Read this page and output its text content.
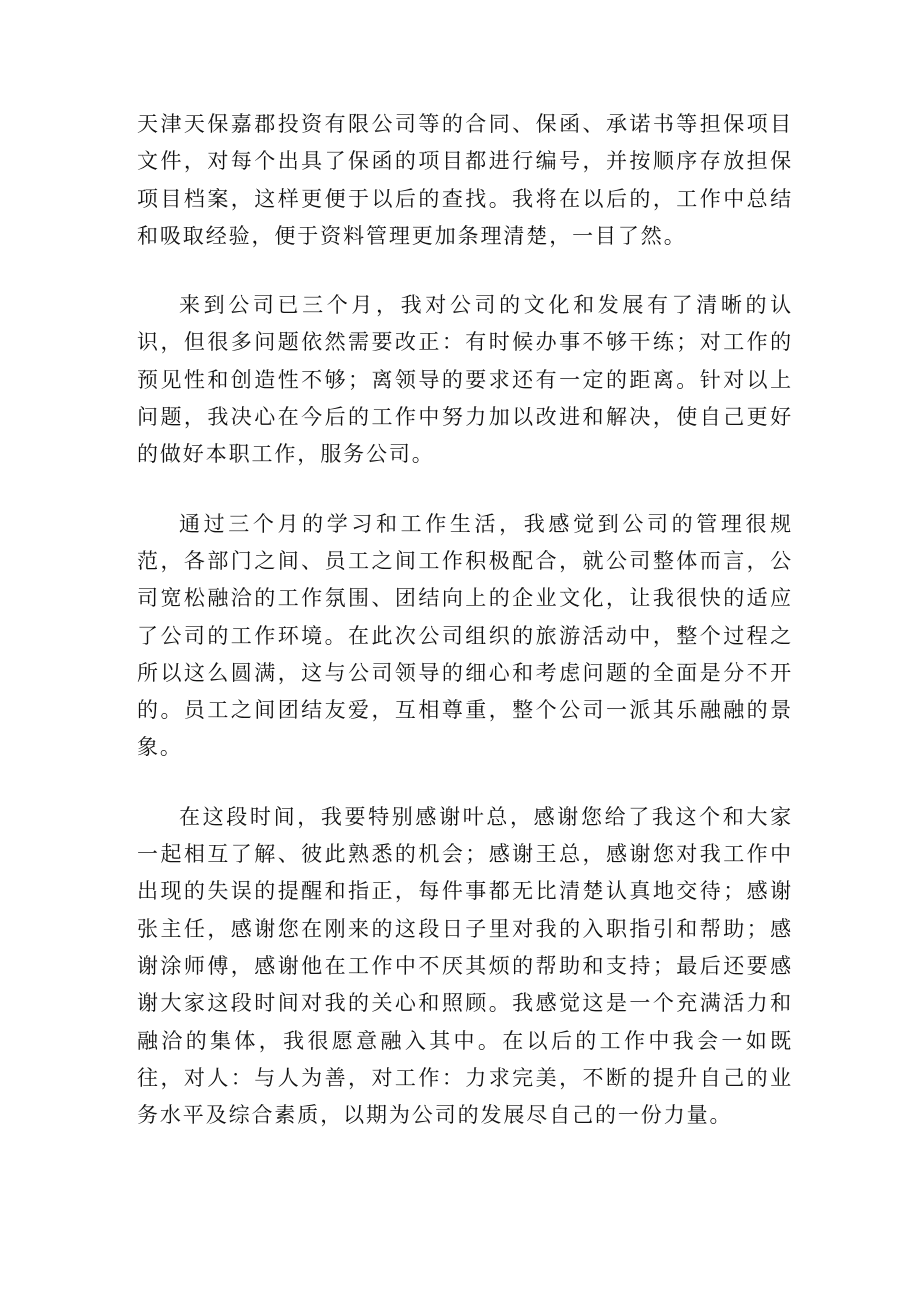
天津天保嘉郡投资有限公司等的合同、保函、承诺书等担保项目文件，对每个出具了保函的项目都进行编号，并按顺序存放担保项目档案，这样更便于以后的查找。我将在以后的，工作中总结和吸取经验，便于资料管理更加条理清楚，一目了然。

来到公司已三个月，我对公司的文化和发展有了清晰的认识，但很多问题依然需要改正：有时候办事不够干练；对工作的预见性和创造性不够；离领导的要求还有一定的距离。针对以上问题，我决心在今后的工作中努力加以改进和解决，使自己更好的做好本职工作，服务公司。

通过三个月的学习和工作生活，我感觉到公司的管理很规范，各部门之间、员工之间工作积极配合，就公司整体而言，公司宽松融洽的工作氛围、团结向上的企业文化，让我很快的适应了公司的工作环境。在此次公司组织的旅游活动中，整个过程之所以这么圆满，这与公司领导的细心和考虑问题的全面是分不开的。员工之间团结友爱，互相尊重，整个公司一派其乐融融的景象。

在这段时间，我要特别感谢叶总，感谢您给了我这个和大家一起相互了解、彼此熟悉的机会；感谢王总，感谢您对我工作中出现的失误的提醒和指正，每件事都无比清楚认真地交待；感谢张主任，感谢您在刚来的这段日子里对我的入职指引和帮助；感谢涂师傅，感谢他在工作中不厌其烦的帮助和支持；最后还要感谢大家这段时间对我的关心和照顾。我感觉这是一个充满活力和融洽的集体，我很愿意融入其中。在以后的工作中我会一如既往，对人：与人为善，对工作：力求完美，不断的提升自己的业务水平及综合素质，以期为公司的发展尽自己的一份力量。
